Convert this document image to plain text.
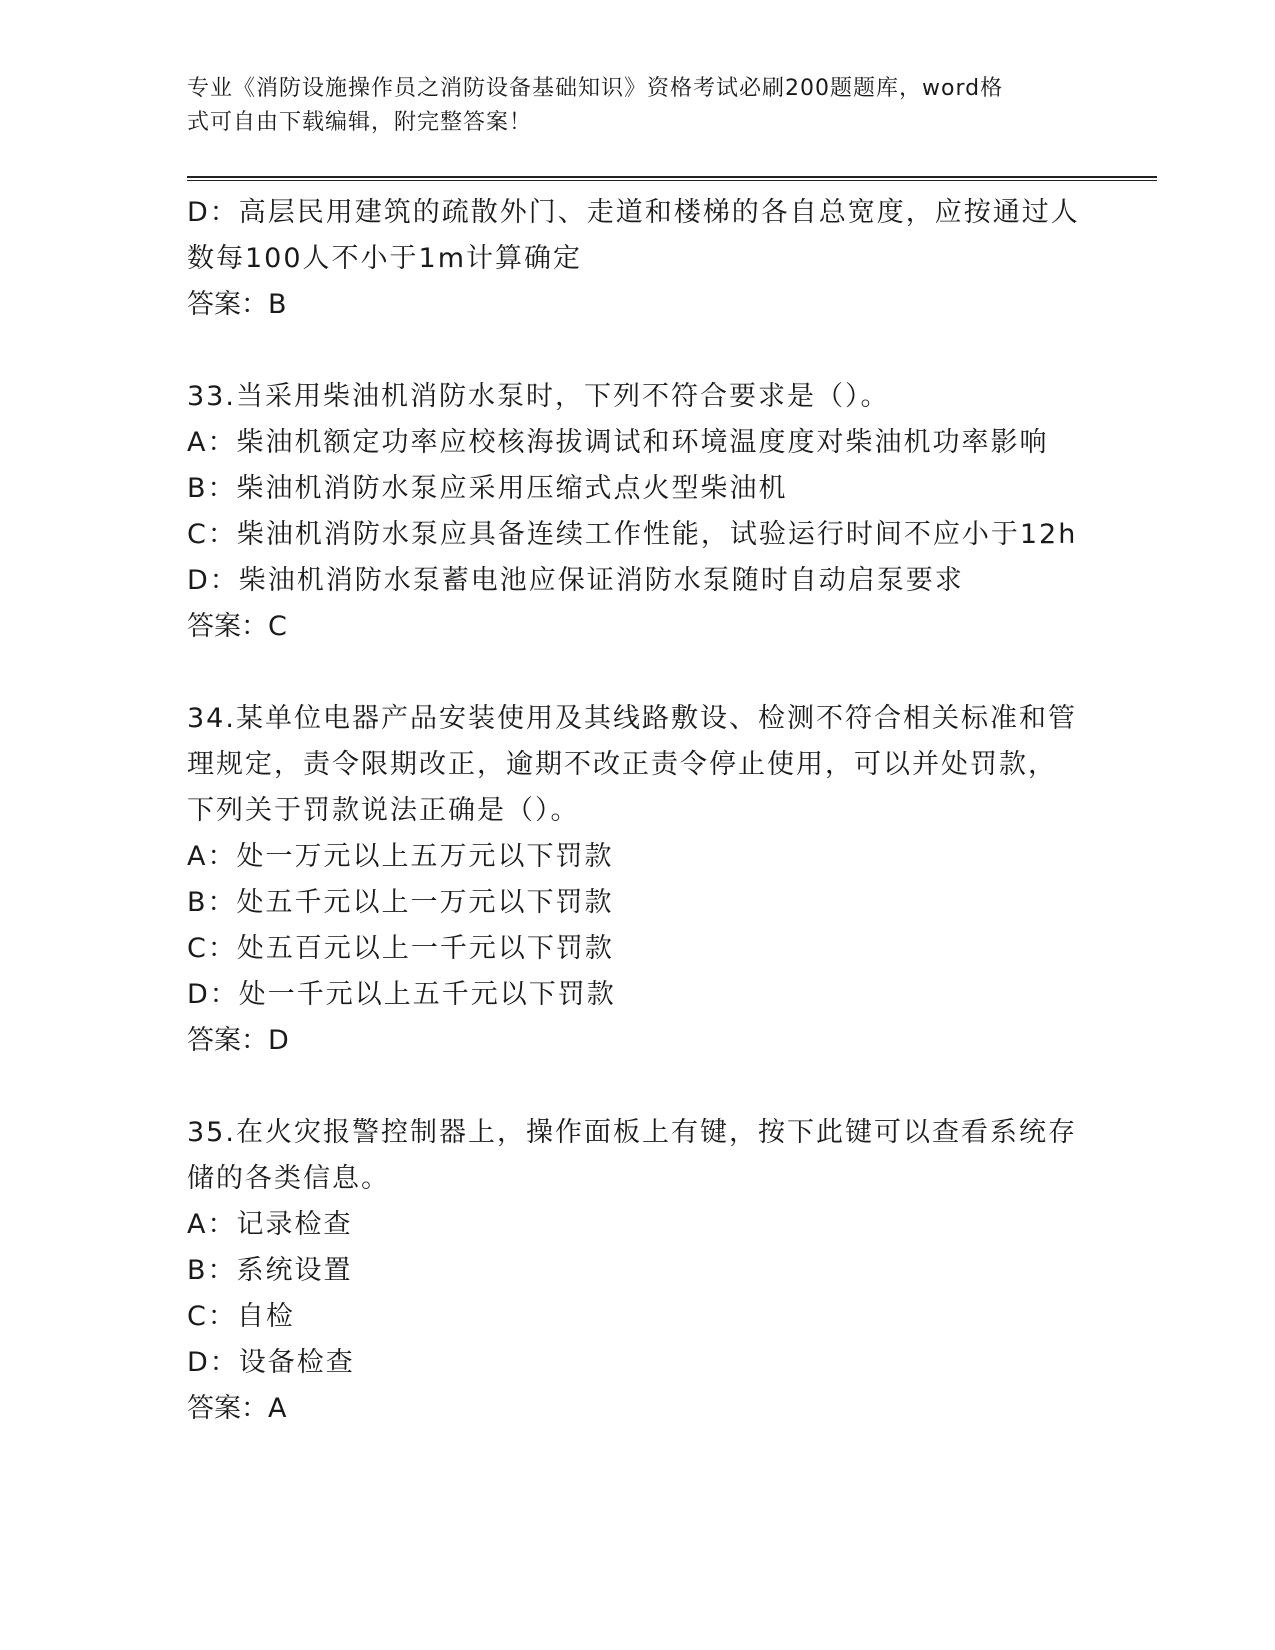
专业《消防设施操作员之消防设备基础知识》资格考试必刷200题题库，word格
式可自由下载编辑，附完整答案！
D：高层民用建筑的疏散外门、走道和楼梯的各自总宽度，应按通过人
数每100人不小于1m计算确定
答案：B
33.当采用柴油机消防水泵时，下列不符合要求是（）。
A：柴油机额定功率应校核海拔调试和环境温度度对柴油机功率影响
B：柴油机消防水泵应采用压缩式点火型柴油机
C：柴油机消防水泵应具备连续工作性能，试验运行时间不应小于12h
D：柴油机消防水泵蓄电池应保证消防水泵随时自动启泵要求
答案：C
34.某单位电器产品安装使用及其线路敷设、检测不符合相关标准和管
理规定，责令限期改正，逾期不改正责令停止使用，可以并处罚款，
下列关于罚款说法正确是（）。
A：处一万元以上五万元以下罚款
B：处五千元以上一万元以下罚款
C：处五百元以上一千元以下罚款
D：处一千元以上五千元以下罚款
答案：D
35.在火灾报警控制器上，操作面板上有键，按下此键可以查看系统存
储的各类信息。
A：记录检查
B：系统设置
C：自检
D：设备检查
答案：A
